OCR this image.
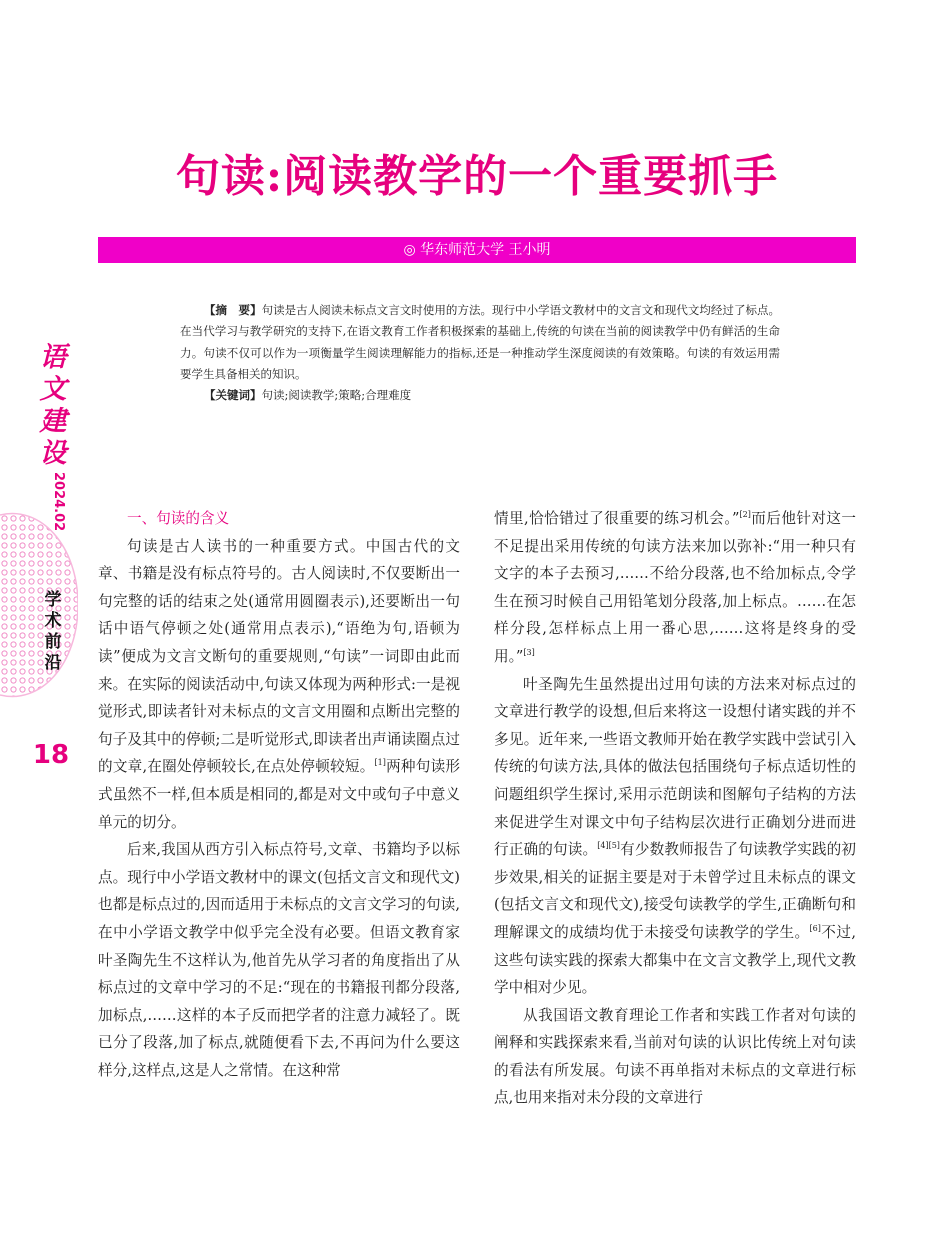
语
文
建
设
2024.02
学
术
前
沿
18
句读:阅读教学的一个重要抓手
◎ 华东师范大学 王小明

【摘　要】句读是古人阅读未标点文言文时使用的方法。现行中小学语文教材中的文言文和现代文均经过了标点。在当代学习与教学研究的支持下,在语文教育工作者积极探索的基础上,传统的句读在当前的阅读教学中仍有鲜活的生命力。句读不仅可以作为一项衡量学生阅读理解能力的指标,还是一种推动学生深度阅读的有效策略。句读的有效运用需要学生具备相关的知识。

【关键词】句读;阅读教学;策略;合理难度

一、句读的含义

句读是古人读书的一种重要方式。中国古代的文章、书籍是没有标点符号的。古人阅读时,不仅要断出一句完整的话的结束之处(通常用圆圈表示),还要断出一句话中语气停顿之处(通常用点表示),“语绝为句,语顿为读”便成为文言文断句的重要规则,“句读”一词即由此而来。在实际的阅读活动中,句读又体现为两种形式:一是视觉形式,即读者针对未标点的文言文用圈和点断出完整的句子及其中的停顿;二是听觉形式,即读者出声诵读圈点过的文章,在圈处停顿较长,在点处停顿较短。[1]两种句读形式虽然不一样,但本质是相同的,都是对文中或句子中意义单元的切分。

后来,我国从西方引入标点符号,文章、书籍均予以标点。现行中小学语文教材中的课文(包括文言文和现代文)也都是标点过的,因而适用于未标点的文言文学习的句读,在中小学语文教学中似乎完全没有必要。但语文教育家叶圣陶先生不这样认为,他首先从学习者的角度指出了从标点过的文章中学习的不足:“现在的书籍报刊都分段落,加标点,……这样的本子反而把学者的注意力减轻了。既已分了段落,加了标点,就随便看下去,不再问为什么要这样分,这样点,这是人之常情。在这种常

情里,恰恰错过了很重要的练习机会。”[2]而后他针对这一不足提出采用传统的句读方法来加以弥补:“用一种只有文字的本子去预习,……不给分段落,也不给加标点,令学生在预习时候自己用铅笔划分段落,加上标点。……在怎样分段,怎样标点上用一番心思,……这将是终身的受用。”[3]

叶圣陶先生虽然提出过用句读的方法来对标点过的文章进行教学的设想,但后来将这一设想付诸实践的并不多见。近年来,一些语文教师开始在教学实践中尝试引入传统的句读方法,具体的做法包括围绕句子标点适切性的问题组织学生探讨,采用示范朗读和图解句子结构的方法来促进学生对课文中句子结构层次进行正确划分进而进行正确的句读。[4][5]有少数教师报告了句读教学实践的初步效果,相关的证据主要是对于未曾学过且未标点的课文(包括文言文和现代文),接受句读教学的学生,正确断句和理解课文的成绩均优于未接受句读教学的学生。[6]不过,这些句读实践的探索大都集中在文言文教学上,现代文教学中相对少见。

从我国语文教育理论工作者和实践工作者对句读的阐释和实践探索来看,当前对句读的认识比传统上对句读的看法有所发展。句读不再单指对未标点的文章进行标点,也用来指对未分段的文章进行
